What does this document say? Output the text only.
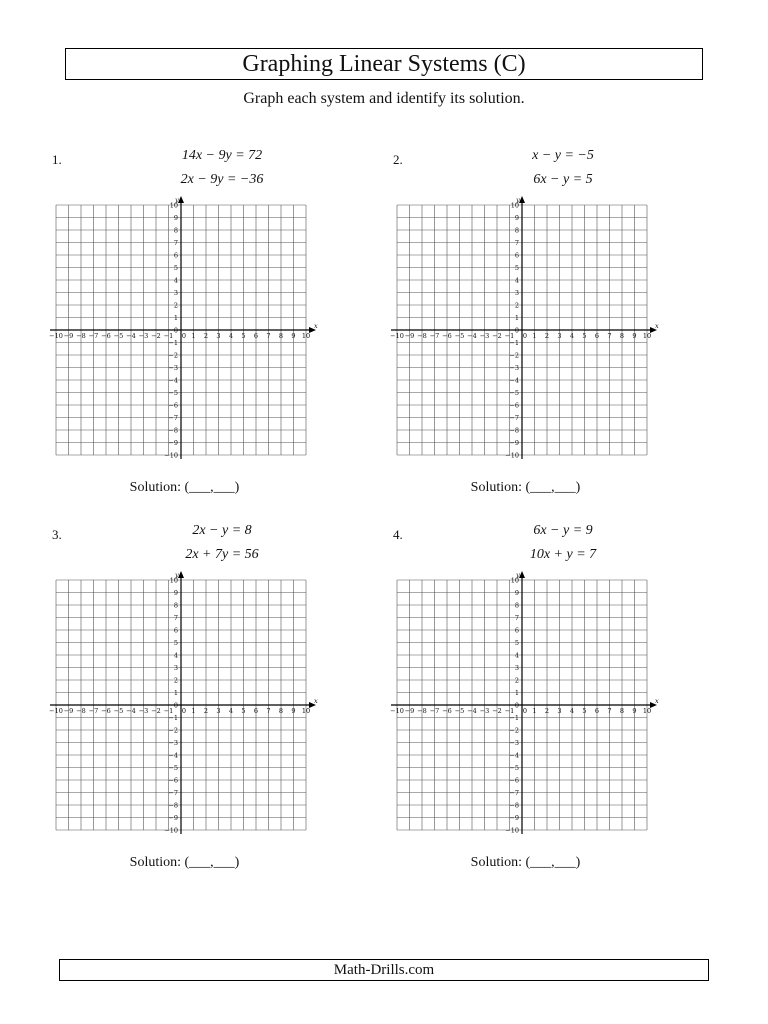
Graphing Linear Systems (C)
Graph each system and identify its solution.
1.	14x − 9y = 72
2x − 9y = −36
−10
−10
−9
−9
−8
−8
−7
−7
−6
−6
−5
−5
−4
−4
−3
−3
−2
−2
−1
−1
0
0
1
1
2
2
3
3
4
4
5
5
6
6
7
7
8
8
9
9
10
10
x
y
Solution: (___,___)
2.	x − y = −5
6x − y = 5
−10
−10
−9
−9
−8
−8
−7
−7
−6
−6
−5
−5
−4
−4
−3
−3
−2
−2
−1
−1
0
0
1
1
2
2
3
3
4
4
5
5
6
6
7
7
8
8
9
9
10
10
x
y
Solution: (___,___)
3.	2x − y = 8
2x + 7y = 56
−10
−10
−9
−9
−8
−8
−7
−7
−6
−6
−5
−5
−4
−4
−3
−3
−2
−2
−1
−1
0
0
1
1
2
2
3
3
4
4
5
5
6
6
7
7
8
8
9
9
10
10
x
y
Solution: (___,___)
4.	6x − y = 9
10x + y = 7
−10
−10
−9
−9
−8
−8
−7
−7
−6
−6
−5
−5
−4
−4
−3
−3
−2
−2
−1
−1
0
0
1
1
2
2
3
3
4
4
5
5
6
6
7
7
8
8
9
9
10
10
x
y
Solution: (___,___)
Math-Drills.com
